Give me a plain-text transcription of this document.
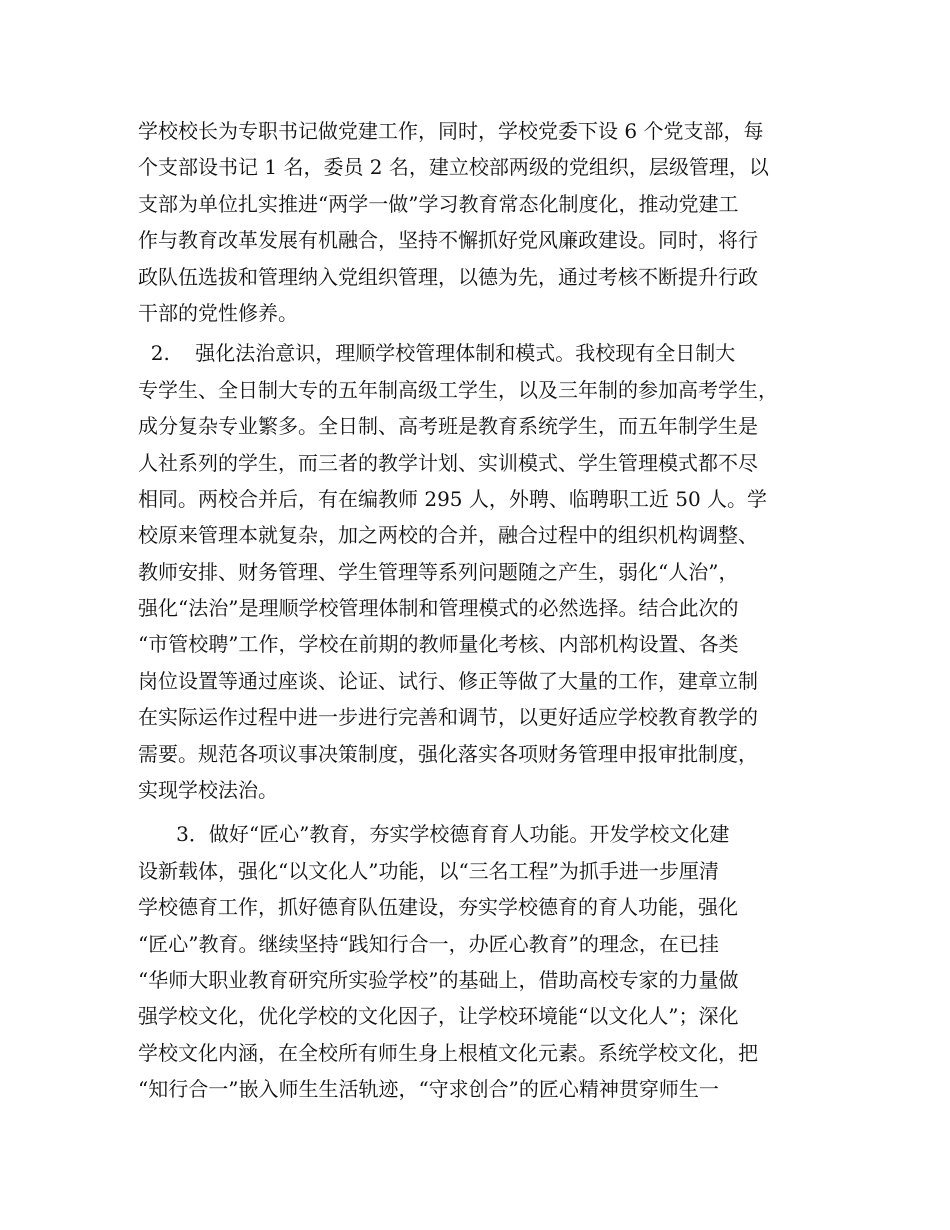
学校校长为专职书记做党建工作，同时，学校党委下设 6 个党支部，每
个支部设书记 1 名，委员 2 名，建立校部两级的党组织，层级管理，以
支部为单位扎实推进“两学一做”学习教育常态化制度化，推动党建工
作与教育改革发展有机融合，坚持不懈抓好党风廉政建设。同时，将行
政队伍选拔和管理纳入党组织管理，以德为先，通过考核不断提升行政
干部的党性修养。
2.    强化法治意识，理顺学校管理体制和模式。我校现有全日制大
专学生、全日制大专的五年制高级工学生，以及三年制的参加高考学生，
成分复杂专业繁多。全日制、高考班是教育系统学生，而五年制学生是
人社系列的学生，而三者的教学计划、实训模式、学生管理模式都不尽
相同。两校合并后，有在编教师 295 人，外聘、临聘职工近 50 人。学
校原来管理本就复杂，加之两校的合并，融合过程中的组织机构调整、
教师安排、财务管理、学生管理等系列问题随之产生，弱化“人治”，
强化“法治”是理顺学校管理体制和管理模式的必然选择。结合此次的
“市管校聘”工作，学校在前期的教师量化考核、内部机构设置、各类
岗位设置等通过座谈、论证、试行、修正等做了大量的工作，建章立制
在实际运作过程中进一步进行完善和调节，以更好适应学校教育教学的
需要。规范各项议事决策制度，强化落实各项财务管理申报审批制度，
实现学校法治。
3．做好“匠心”教育，夯实学校德育育人功能。开发学校文化建
设新载体，强化“以文化人”功能，以“三名工程”为抓手进一步厘清
学校德育工作，抓好德育队伍建设，夯实学校德育的育人功能，强化
“匠心”教育。继续坚持“践知行合一，办匠心教育”的理念，在已挂
“华师大职业教育研究所实验学校”的基础上，借助高校专家的力量做
强学校文化，优化学校的文化因子，让学校环境能“以文化人”；深化
学校文化内涵，在全校所有师生身上根植文化元素。系统学校文化，把
“知行合一”嵌入师生生活轨迹，“守求创合”的匠心精神贯穿师生一
